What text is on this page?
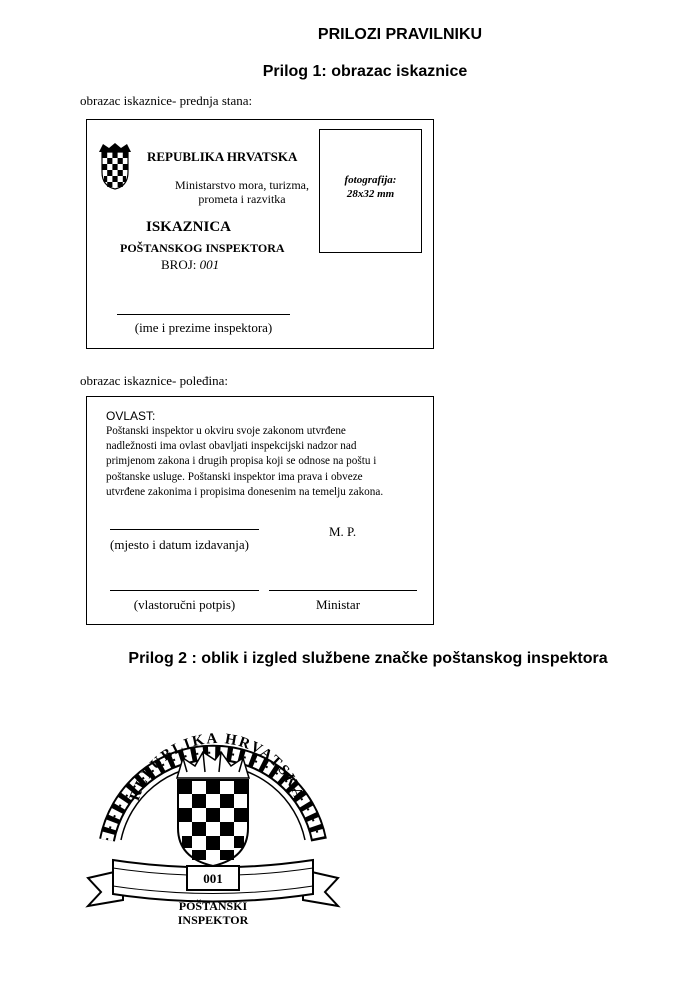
PRILOZI PRAVILNIKU
Prilog 1: obrazac iskaznice
obrazac iskaznice- prednja stana:
REPUBLIKA HRVATSKA
Ministarstvo mora, turizma,
prometa i razvitka
fotografija:
28x32 mm
ISKAZNICA
POŠTANSKOG INSPEKTORA
BROJ: 001
(ime i prezime inspektora)
obrazac iskaznice- poleđina:
OVLAST:
Poštanski inspektor u okviru svoje zakonom utvrđene
nadležnosti ima ovlast obavljati inspekcijski nadzor nad
primjenom zakona i drugih propisa koji se odnose na poštu i
poštanske usluge. Poštanski inspektor ima prava i obveze
utvrđene zakonima i propisima donesenim na temelju zakona.
(mjesto i datum izdavanja)
M. P.
(vlastoručni potpis)	Ministar
Prilog 2 : oblik i izgled službene značke poštanskog inspektora
REPUBLIKA HRVATSKA
001
POŠTANSKI
INSPEKTOR
